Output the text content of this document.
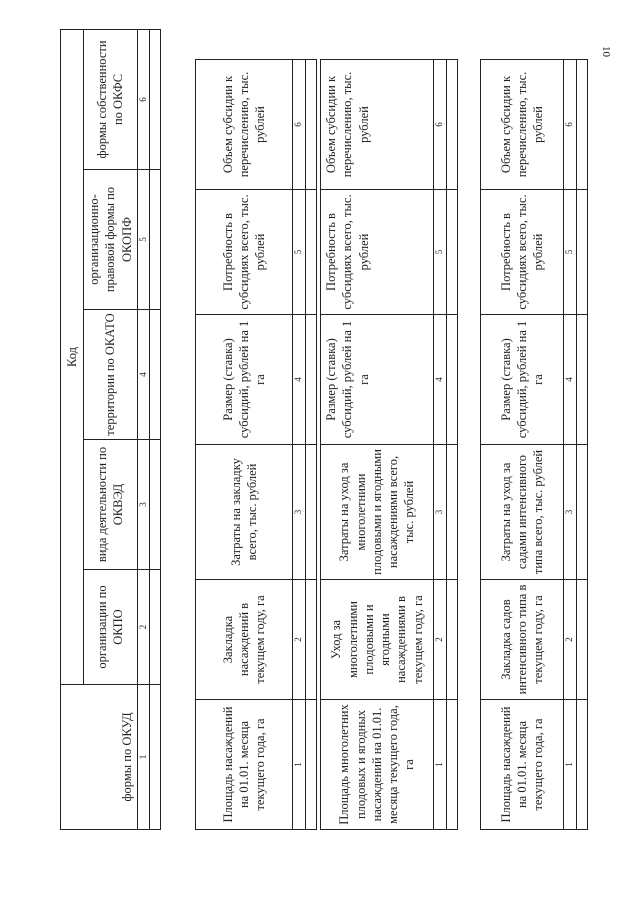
10
формы по ОКУД	Код				
	организации по ОКПО	вида деятельности по ОКВЭД	территории по ОКАТО	организационно-правовой формы по ОКОПФ	формы собственности по ОКФС
1	2	3	4	5	6

Площадь насаждений на 01.01. месяца текущего года, га	Закладка насаждений в текущем году, га	Затраты на закладку всего, тыс. рублей	Размер (ставка) субсидий, рублей на 1 га	Потребность в субсидиях всего, тыс. рублей	Объем субсидии к перечислению, тыс. рублей
1	2	3	4	5	6

Площадь многолетних плодовых и ягодных насаждений на 01.01. месяца текущего года, га	Уход за многолетними плодовыми и ягодными насаждениями в текущем году, га	Затраты на уход за многолетними плодовыми и ягодными насаждениями всего, тыс. рублей	Размер (ставка) субсидий, рублей на 1 га	Потребность в субсидиях всего, тыс. рублей	Объем субсидии к перечислению, тыс. рублей
1	2	3	4	5	6

Площадь насаждений на 01.01. месяца текущего года, га	Закладка садов интенсивного типа в текущем году, га	Затраты на уход за садами интенсивного типа всего, тыс. рублей	Размер (ставка) субсидий, рублей на 1 га	Потребность в субсидиях всего, тыс. рублей	Объем субсидии к перечислению, тыс. рублей
1	2	3	4	5	6
